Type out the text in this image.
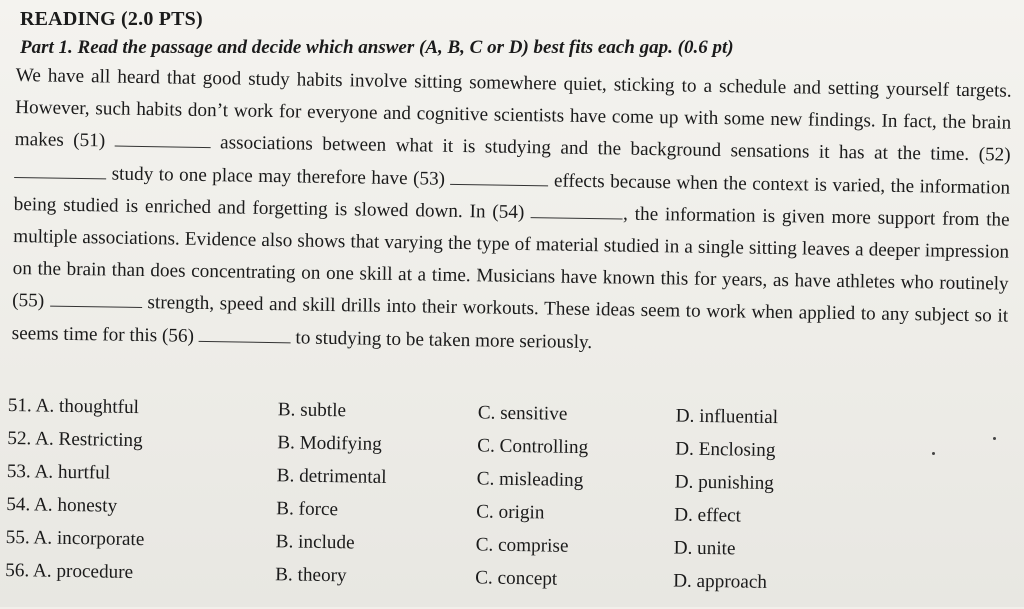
READING (2.0 PTS)
Part 1. Read the passage and decide which answer (A, B, C or D) best fits each gap. (0.6 pt)
We have all heard that good study habits involve sitting somewhere quiet, sticking to a schedule and setting yourself targets. However, such habits don’t work for everyone and cognitive scientists have come up with some new findings. In fact, the brain makes (51)	associations between what it is studying and the background sensations it has at the time. (52)  study to one place may therefore have (53)	effects because when the context is varied, the information being studied is enriched and forgetting is slowed down. In (54)	, the information is given more support from the multiple associations. Evidence also shows that varying the type of material studied in a single sitting leaves a deeper impression on the brain than does concentrating on one skill at a time. Musicians have known this for years, as have athletes who routinely (55)	strength, speed and skill drills into their workouts. These ideas seem to work when applied to any subject so it seems time for this (56)	to studying to be taken more seriously.
51. A. thoughtful	B. subtle	C. sensitive	D. influential
52. A. Restricting	B. Modifying	C. Controlling	D. Enclosing
53. A. hurtful	B. detrimental	C. misleading	D. punishing
54. A. honesty	B. force	C. origin	D. effect
55. A. incorporate	B. include	C. comprise	D. unite
56. A. procedure	B. theory	C. concept	D. approach
